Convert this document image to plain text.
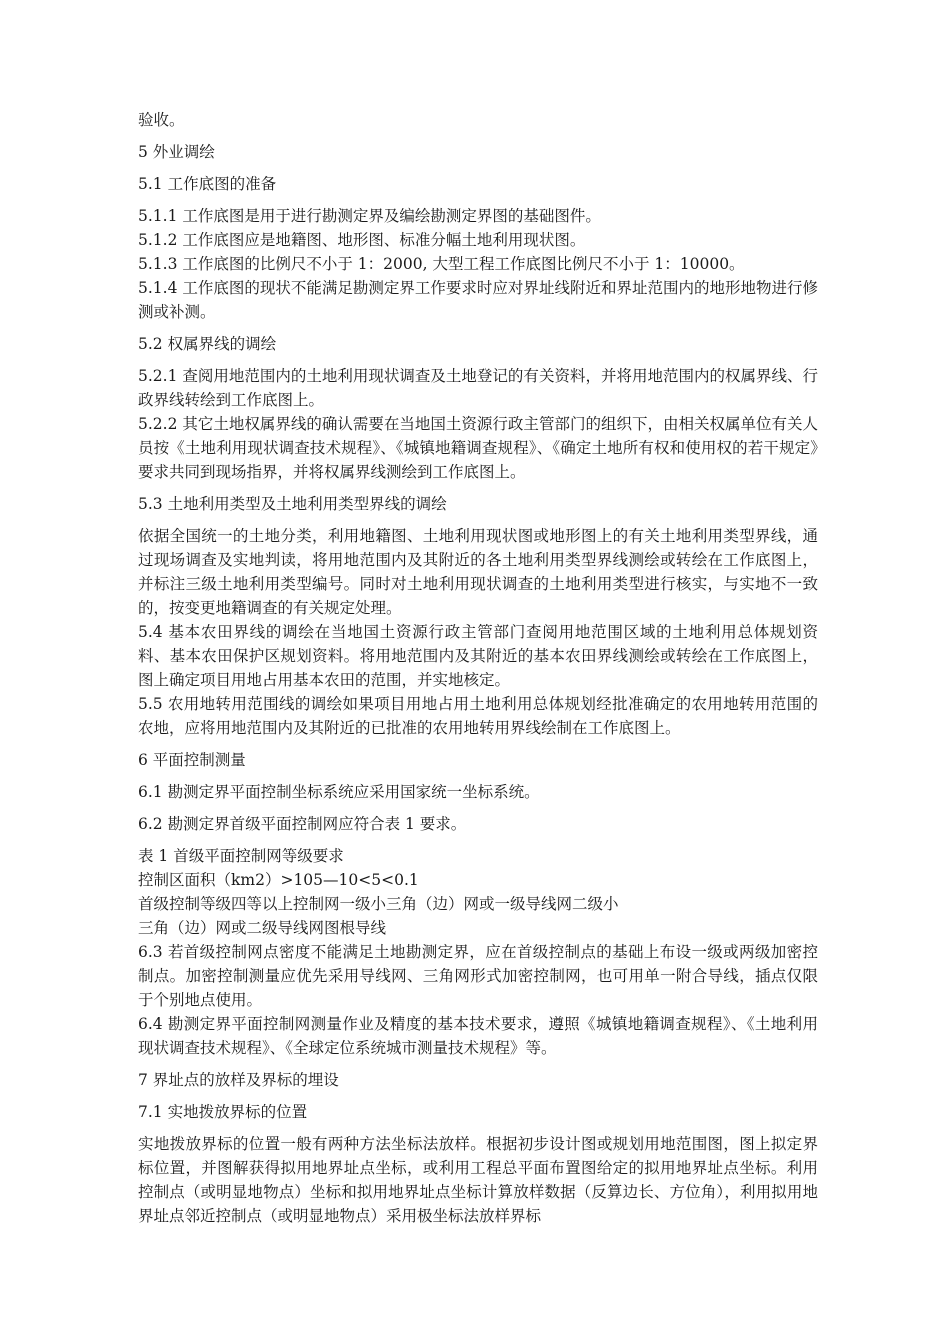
验收。

5 外业调绘

5.1 工作底图的准备

5.1.1 工作底图是用于进行勘测定界及编绘勘测定界图的基础图件。

5.1.2 工作底图应是地籍图、地形图、标准分幅土地利用现状图。

5.1.3 工作底图的比例尺不小于 1：2000, 大型工程工作底图比例尺不小于 1：10000。

5.1.4 工作底图的现状不能满足勘测定界工作要求时应对界址线附近和界址范围内的地形地物进行修测或补测。

5.2 权属界线的调绘

5.2.1 查阅用地范围内的土地利用现状调查及土地登记的有关资料，并将用地范围内的权属界线、行政界线转绘到工作底图上。

5.2.2 其它土地权属界线的确认需要在当地国土资源行政主管部门的组织下，由相关权属单位有关人员按《土地利用现状调查技术规程》、《城镇地籍调查规程》、《确定土地所有权和使用权的若干规定》要求共同到现场指界，并将权属界线测绘到工作底图上。

5.3 土地利用类型及土地利用类型界线的调绘

依据全国统一的土地分类，利用地籍图、土地利用现状图或地形图上的有关土地利用类型界线，通过现场调查及实地判读，将用地范围内及其附近的各土地利用类型界线测绘或转绘在工作底图上，并标注三级土地利用类型编号。同时对土地利用现状调查的土地利用类型进行核实，与实地不一致的，按变更地籍调查的有关规定处理。

5.4 基本农田界线的调绘在当地国土资源行政主管部门查阅用地范围区域的土地利用总体规划资料、基本农田保护区规划资料。将用地范围内及其附近的基本农田界线测绘或转绘在工作底图上，图上确定项目用地占用基本农田的范围，并实地核定。

5.5 农用地转用范围线的调绘如果项目用地占用土地利用总体规划经批准确定的农用地转用范围的农地，应将用地范围内及其附近的已批准的农用地转用界线绘制在工作底图上。

6 平面控制测量

6.1 勘测定界平面控制坐标系统应采用国家统一坐标系统。

6.2 勘测定界首级平面控制网应符合表 1 要求。

表 1 首级平面控制网等级要求

控制区面积（km2）>105—10<5<0.1

首级控制等级四等以上控制网一级小三角（边）网或一级导线网二级小

三角（边）网或二级导线网图根导线

6.3 若首级控制网点密度不能满足土地勘测定界，应在首级控制点的基础上布设一级或两级加密控制点。加密控制测量应优先采用导线网、三角网形式加密控制网，也可用单一附合导线，插点仅限于个别地点使用。

6.4 勘测定界平面控制网测量作业及精度的基本技术要求，遵照《城镇地籍调查规程》、《土地利用现状调查技术规程》、《全球定位系统城市测量技术规程》等。

7 界址点的放样及界标的埋设

7.1 实地拨放界标的位置

实地拨放界标的位置一般有两种方法坐标法放样。根据初步设计图或规划用地范围图，图上拟定界标位置，并图解获得拟用地界址点坐标，或利用工程总平面布置图给定的拟用地界址点坐标。利用控制点（或明显地物点）坐标和拟用地界址点坐标计算放样数据（反算边长、方位角），利用拟用地界址点邻近控制点（或明显地物点）采用极坐标法放样界标
